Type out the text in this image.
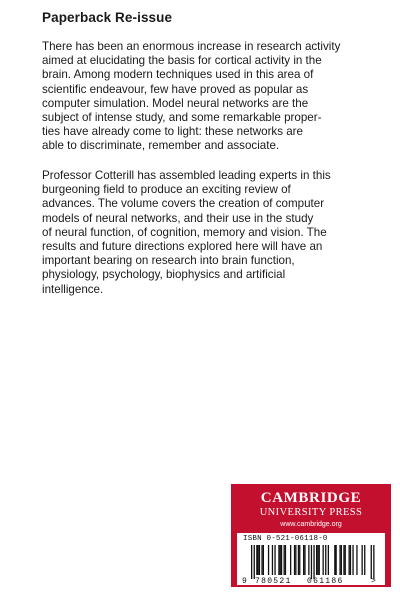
Paperback Re-issue

There has been an enormous increase in research activity
aimed at elucidating the basis for cortical activity in the
brain. Among modern techniques used in this area of
scientific endeavour, few have proved as popular as
computer simulation. Model neural networks are the
subject of intense study, and some remarkable proper-
ties have already come to light: these networks are
able to discriminate, remember and associate.

Professor Cotterill has assembled leading experts in this
burgeoning field to produce an exciting review of
advances. The volume covers the creation of computer
models of neural networks, and their use in the study
of neural function, of cognition, memory and vision. The
results and future directions explored here will have an
important bearing on research into brain function,
physiology, psychology, biophysics and artificial
intelligence.

CAMBRIDGE
UNIVERSITY PRESS
www.cambridge.org
ISBN 0-521-06118-0
9 780521 061186	>
